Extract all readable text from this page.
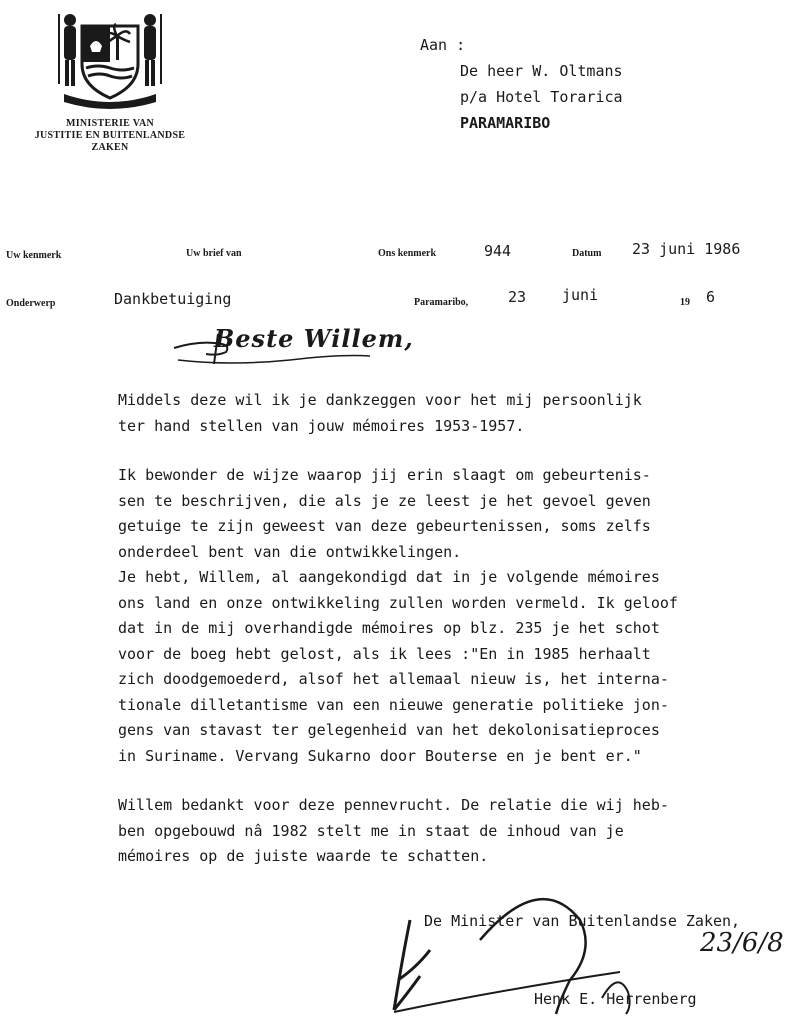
MINISTERIE VAN
JUSTITIE EN BUITENLANDSE
ZAKEN
Aan :
De heer W. Oltmans
p/a Hotel Torarica
PARAMARIBO
Uw kenmerk	Uw brief van	Ons kenmerk	944	Datum 23 juni 1986
Onderwerp	Dankbetuiging	Paramaribo,	23 juni	19 6
Beste Willem,
Middels deze wil ik je dankzeggen voor het mij persoonlijk
ter hand stellen van jouw mémoires 1953-1957.
Ik bewonder de wijze waarop jij erin slaagt om gebeurtenis-
sen te beschrijven, die als je ze leest je het gevoel geven
getuige te zijn geweest van deze gebeurtenissen, soms zelfs
onderdeel bent van die ontwikkelingen.
Je hebt, Willem, al aangekondigd dat in je volgende mémoires
ons land en onze ontwikkeling zullen worden vermeld. Ik geloof
dat in de mij overhandigde mémoires op blz. 235 je het schot
voor de boeg hebt gelost, als ik lees :"En in 1985 herhaalt
zich doodgemoederd, alsof het allemaal nieuw is, het interna-
tionale dilletantisme van een nieuwe generatie politieke jon-
gens van stavast ter gelegenheid van het dekolonisatieproces
in Suriname. Vervang Sukarno door Bouterse en je bent er."
Willem bedankt voor deze pennevrucht. De relatie die wij heb-
ben opgebouwd nâ 1982 stelt me in staat de inhoud van je
mémoires op de juiste waarde te schatten.
De Minister van Buitenlandse Zaken,
23/6/8
Henk E. Herrenberg
